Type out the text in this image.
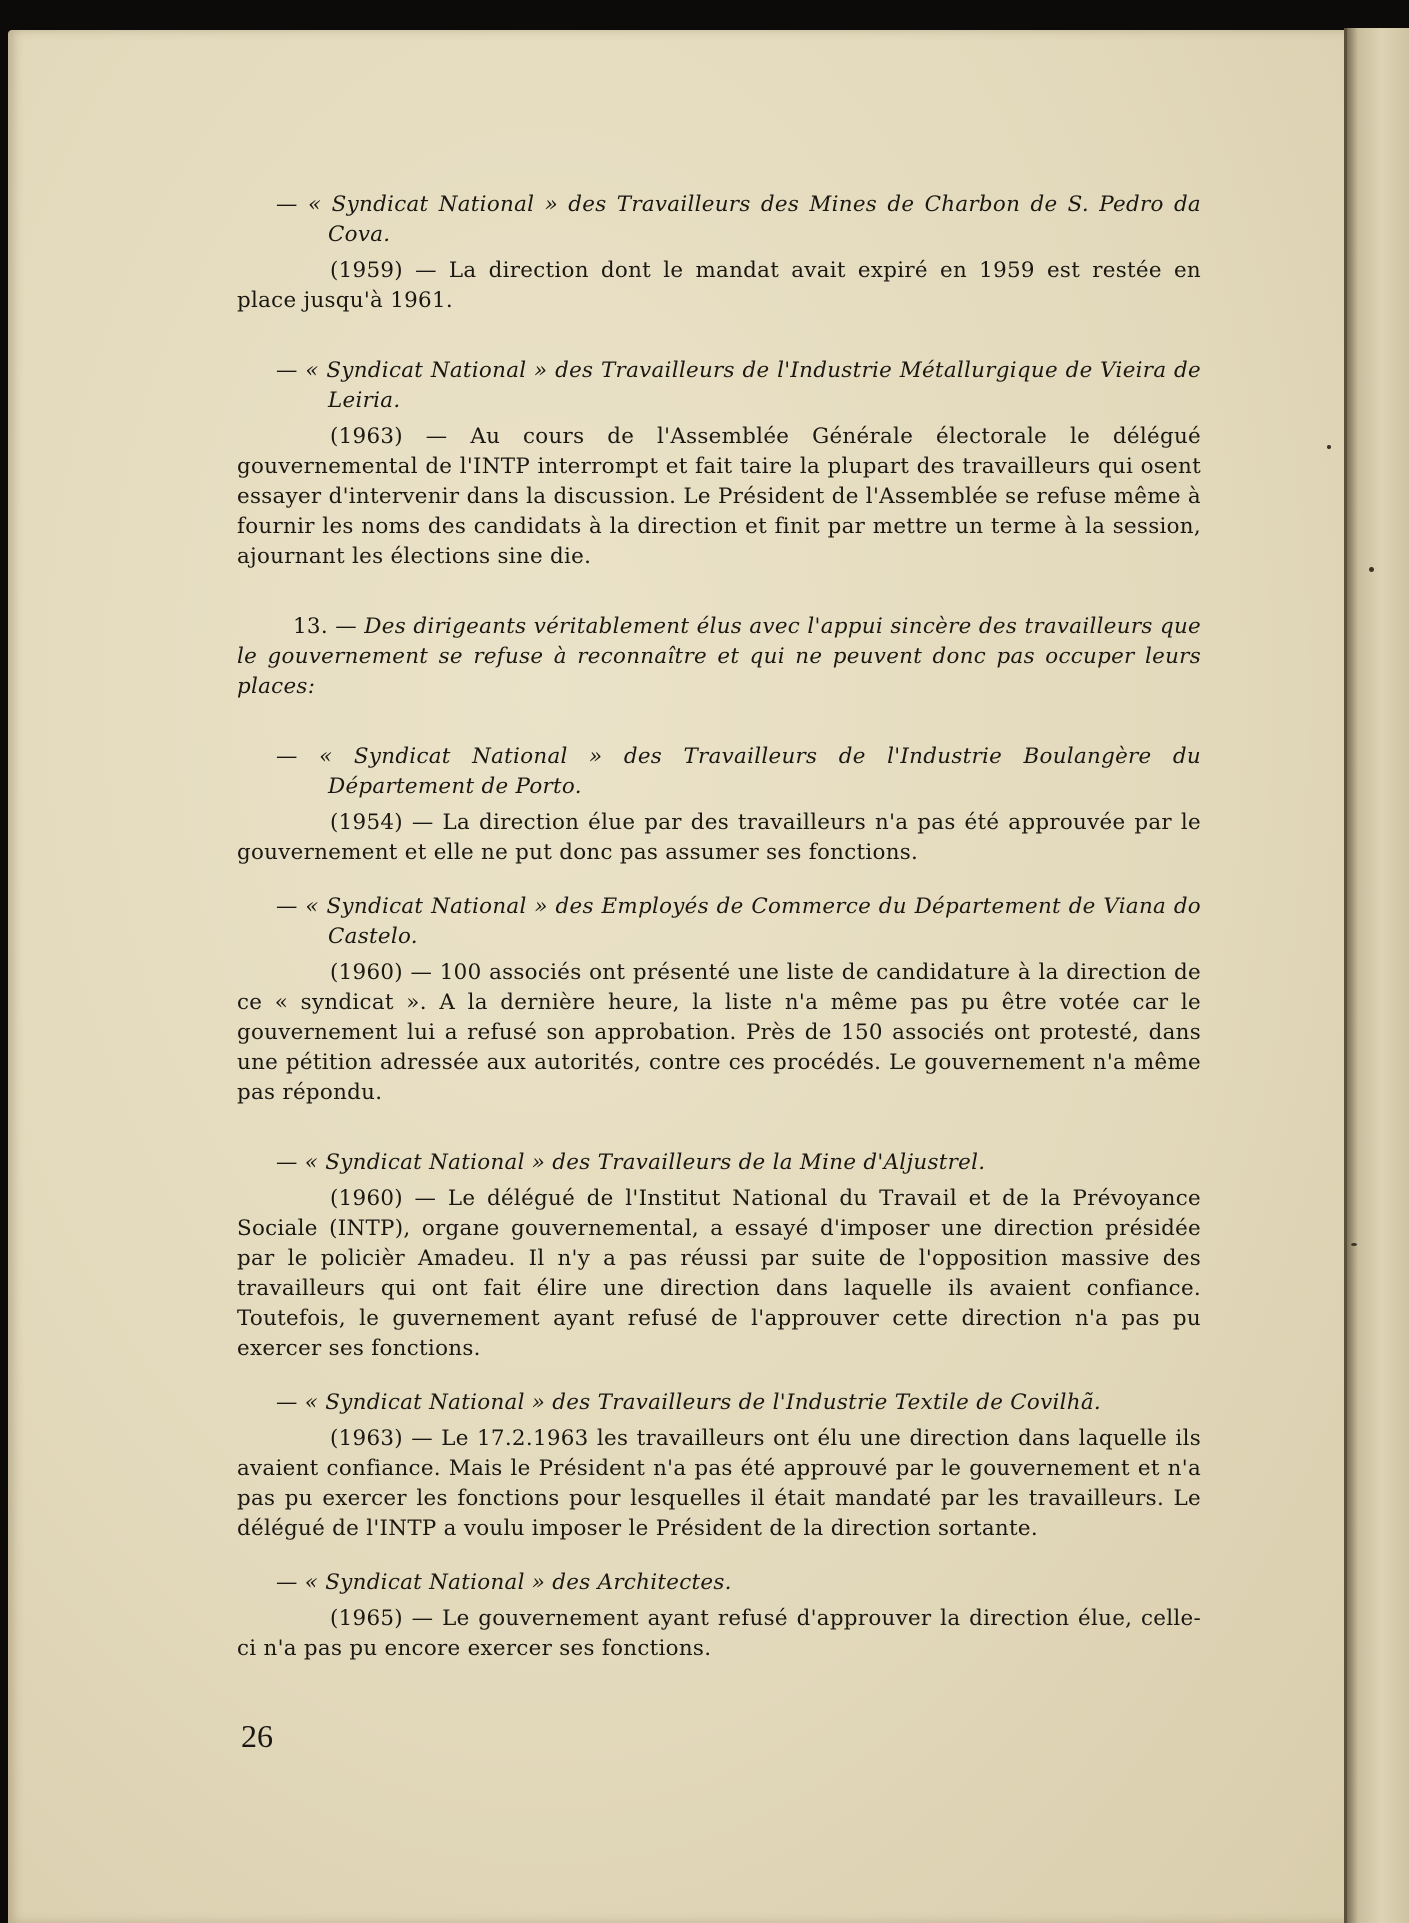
— « Syndicat National » des Travailleurs des Mines de Charbon de S. Pedro da Cova.

(1959) — La direction dont le mandat avait expiré en 1959 est restée en place jusqu'à 1961.

— « Syndicat National » des Travailleurs de l'Industrie Métallurgique de Vieira de Leiria.

(1963) — Au cours de l'Assemblée Générale électorale le délégué gouvernemental de l'INTP interrompt et fait taire la plupart des travailleurs qui osent essayer d'intervenir dans la discussion. Le Président de l'Assemblée se refuse même à fournir les noms des candidats à la direction et finit par mettre un terme à la session, ajournant les élections sine die.

13. — Des dirigeants véritablement élus avec l'appui sincère des travailleurs que le gouvernement se refuse à reconnaître et qui ne peuvent donc pas occuper leurs places:

— « Syndicat National » des Travailleurs de l'Industrie Boulangère du Département de Porto.

(1954) — La direction élue par des travailleurs n'a pas été approuvée par le gouvernement et elle ne put donc pas assumer ses fonctions.

— « Syndicat National » des Employés de Commerce du Département de Viana do Castelo.

(1960) — 100 associés ont présenté une liste de candidature à la direction de ce « syndicat ». A la dernière heure, la liste n'a même pas pu être votée car le gouvernement lui a refusé son approbation. Près de 150 associés ont protesté, dans une pétition adressée aux autorités, contre ces procédés. Le gouvernement n'a même pas répondu.

— « Syndicat National » des Travailleurs de la Mine d'Aljustrel.

(1960) — Le délégué de l'Institut National du Travail et de la Prévoyance Sociale (INTP), organe gouvernemental, a essayé d'imposer une direction présidée par le policièr Amadeu. Il n'y a pas réussi par suite de l'opposition massive des travailleurs qui ont fait élire une direction dans laquelle ils avaient confiance. Toutefois, le guvernement ayant refusé de l'approuver cette direction n'a pas pu exercer ses fonctions.

— « Syndicat National » des Travailleurs de l'Industrie Textile de Covilhã.

(1963) — Le 17.2.1963 les travailleurs ont élu une direction dans laquelle ils avaient confiance. Mais le Président n'a pas été approuvé par le gouvernement et n'a pas pu exercer les fonctions pour lesquelles il était mandaté par les travailleurs. Le délégué de l'INTP a voulu imposer le Président de la direction sortante.

— « Syndicat National » des Architectes.

(1965) — Le gouvernement ayant refusé d'approuver la direction élue, celle-ci n'a pas pu encore exercer ses fonctions.

26
